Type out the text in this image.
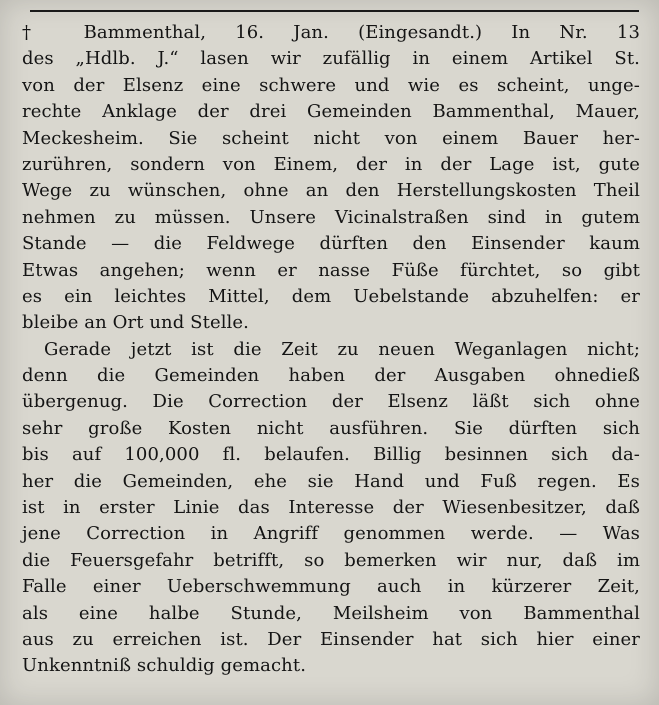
† Bammenthal, 16. Jan. (Eingesandt.) In Nr. 13
des „Hdlb. J.“ lasen wir zufällig in einem Artikel St.
von der Elsenz eine schwere und wie es scheint, unge-
rechte Anklage der drei Gemeinden Bammenthal, Mauer,
Meckesheim. Sie scheint nicht von einem Bauer her-
zurühren, sondern von Einem, der in der Lage ist, gute
Wege zu wünschen, ohne an den Herstellungskosten Theil
nehmen zu müssen. Unsere Vicinalstraßen sind in gutem
Stande — die Feldwege dürften den Einsender kaum
Etwas angehen; wenn er nasse Füße fürchtet, so gibt
es ein leichtes Mittel, dem Uebelstande abzuhelfen: er
bleibe an Ort und Stelle.
Gerade jetzt ist die Zeit zu neuen Weganlagen nicht;
denn die Gemeinden haben der Ausgaben ohnedieß
übergenug. Die Correction der Elsenz läßt sich ohne
sehr große Kosten nicht ausführen. Sie dürften sich
bis auf 100,000 fl. belaufen. Billig besinnen sich da-
her die Gemeinden, ehe sie Hand und Fuß regen. Es
ist in erster Linie das Interesse der Wiesenbesitzer, daß
jene Correction in Angriff genommen werde. — Was
die Feuersgefahr betrifft, so bemerken wir nur, daß im
Falle einer Ueberschwemmung auch in kürzerer Zeit,
als eine halbe Stunde, Meilsheim von Bammenthal
aus zu erreichen ist. Der Einsender hat sich hier einer
Unkenntniß schuldig gemacht.
